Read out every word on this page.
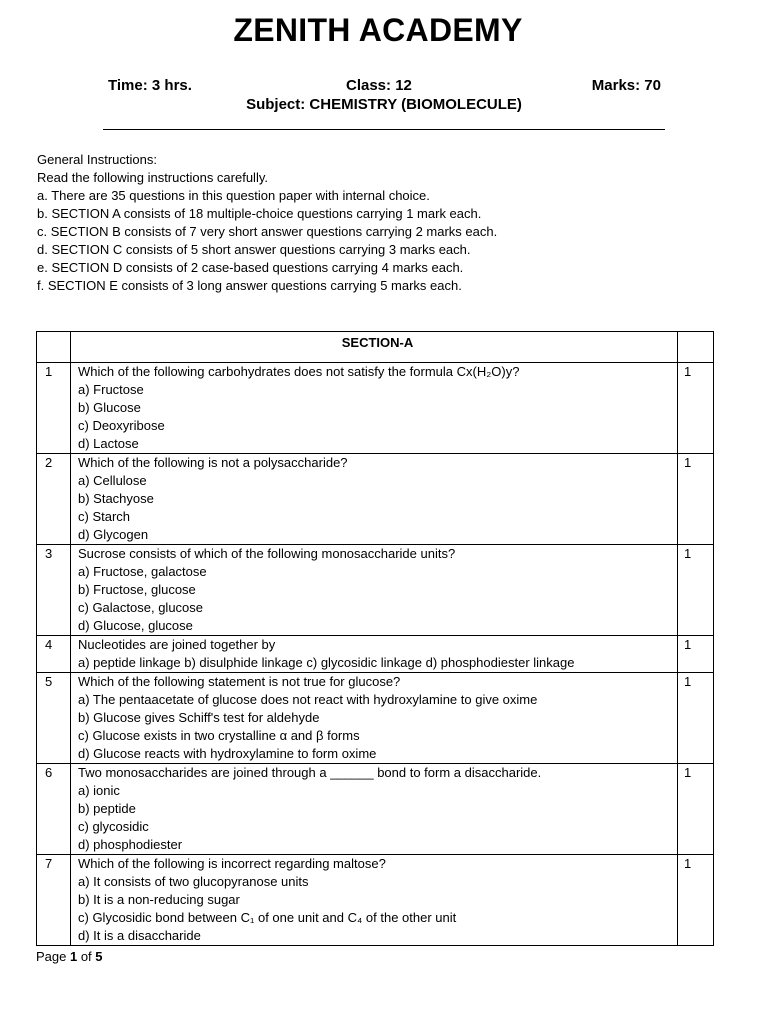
ZENITH ACADEMY
Time: 3 hrs.	Class: 12	Marks: 70
Subject: CHEMISTRY (BIOMOLECULE)
General Instructions:
Read the following instructions carefully.
a. There are 35 questions in this question paper with internal choice.
b. SECTION A consists of 18 multiple-choice questions carrying 1 mark each.
c. SECTION B consists of 7 very short answer questions carrying 2 marks each.
d. SECTION C consists of 5 short answer questions carrying 3 marks each.
e. SECTION D consists of 2 case-based questions carrying 4 marks each.
f. SECTION E consists of 3 long answer questions carrying 5 marks each.
	SECTION-A	
1	Which of the following carbohydrates does not satisfy the formula Cx(H₂O)y?
a) Fructose
b) Glucose
c) Deoxyribose
d) Lactose	1
2	Which of the following is not a polysaccharide?
a) Cellulose
b) Stachyose
c) Starch
d) Glycogen	1
3	Sucrose consists of which of the following monosaccharide units?
a) Fructose, galactose
b) Fructose, glucose
c) Galactose, glucose
d) Glucose, glucose	1
4	Nucleotides are joined together by
a) peptide linkage b) disulphide linkage c) glycosidic linkage d) phosphodiester linkage	1
5	Which of the following statement is not true for glucose?
a) The pentaacetate of glucose does not react with hydroxylamine to give oxime
b) Glucose gives Schiff's test for aldehyde
c) Glucose exists in two crystalline α and β forms
d) Glucose reacts with hydroxylamine to form oxime	1
6	Two monosaccharides are joined through a ______ bond to form a disaccharide.
a) ionic
b) peptide
c) glycosidic
d) phosphodiester	1
7	Which of the following is incorrect regarding maltose?
a) It consists of two glucopyranose units
b) It is a non-reducing sugar
c) Glycosidic bond between C₁ of one unit and C₄ of the other unit
d) It is a disaccharide	1
Page 1 of 5
